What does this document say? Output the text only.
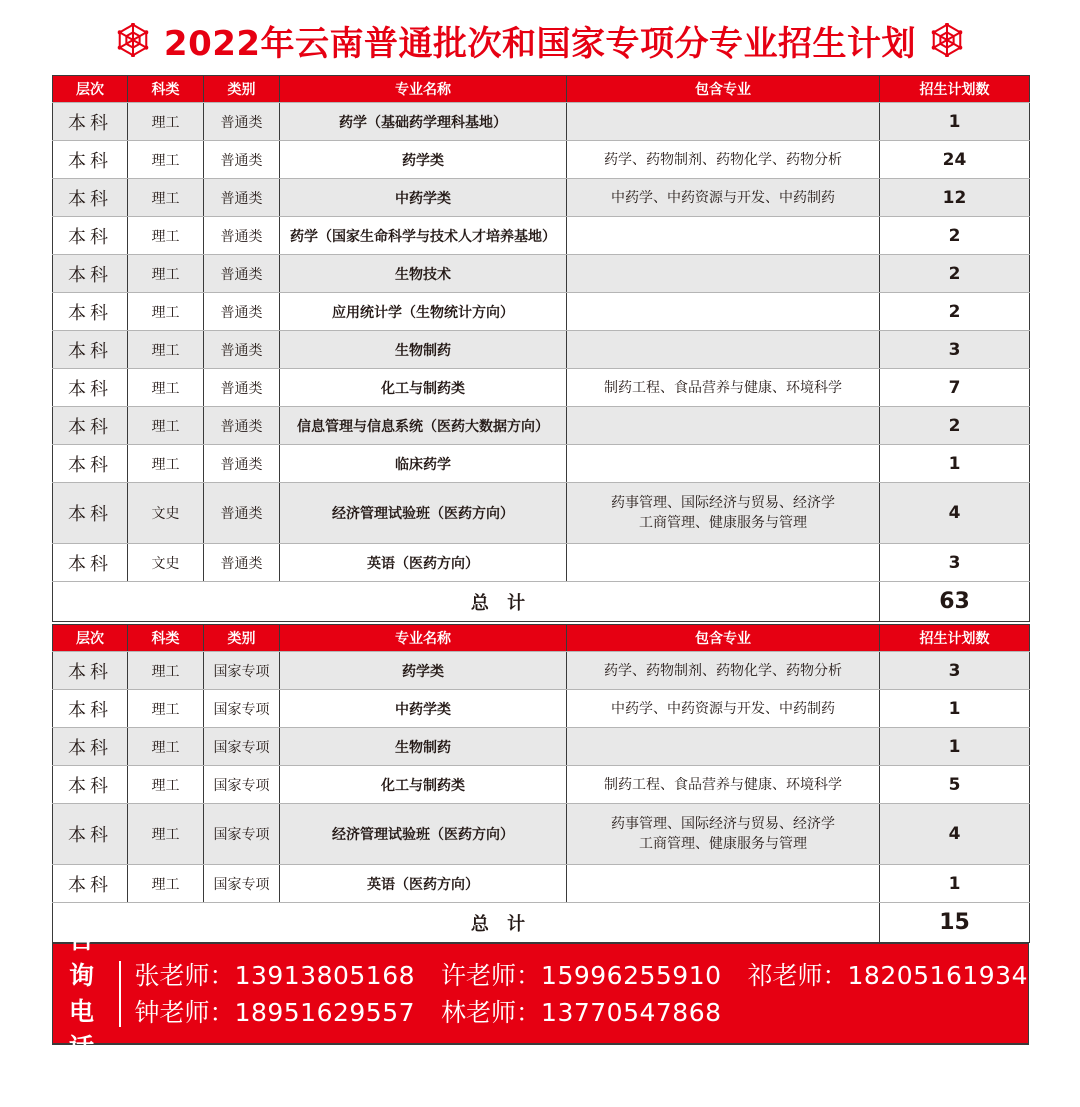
2022年云南普通批次和国家专项分专业招生计划
层次	科类	类别	专业名称	包含专业	招生计划数
本科	理工	普通类	药学（基础药学理科基地）		1
本科	理工	普通类	药学类	药学、药物制剂、药物化学、药物分析	24
本科	理工	普通类	中药学类	中药学、中药资源与开发、中药制药	12
本科	理工	普通类	药学（国家生命科学与技术人才培养基地）		2
本科	理工	普通类	生物技术		2
本科	理工	普通类	应用统计学（生物统计方向）		2
本科	理工	普通类	生物制药		3
本科	理工	普通类	化工与制药类	制药工程、食品营养与健康、环境科学	7
本科	理工	普通类	信息管理与信息系统（医药大数据方向）		2
本科	理工	普通类	临床药学		1
本科	文史	普通类	经济管理试验班（医药方向）	药事管理、国际经济与贸易、经济学
工商管理、健康服务与管理	4
本科	文史	普通类	英语（医药方向）		3
总 计					63
层次	科类	类别	专业名称	包含专业	招生计划数
本科	理工	国家专项	药学类	药学、药物制剂、药物化学、药物分析	3
本科	理工	国家专项	中药学类	中药学、中药资源与开发、中药制药	1
本科	理工	国家专项	生物制药		1
本科	理工	国家专项	化工与制药类	制药工程、食品营养与健康、环境科学	5
本科	理工	国家专项	经济管理试验班（医药方向）	药事管理、国际经济与贸易、经济学
工商管理、健康服务与管理	4
本科	理工	国家专项	英语（医药方向）		1
总 计					15
咨询
电话
张老师：13913805168 许老师：15996255910 祁老师：18205161934
钟老师：18951629557 林老师：13770547868
